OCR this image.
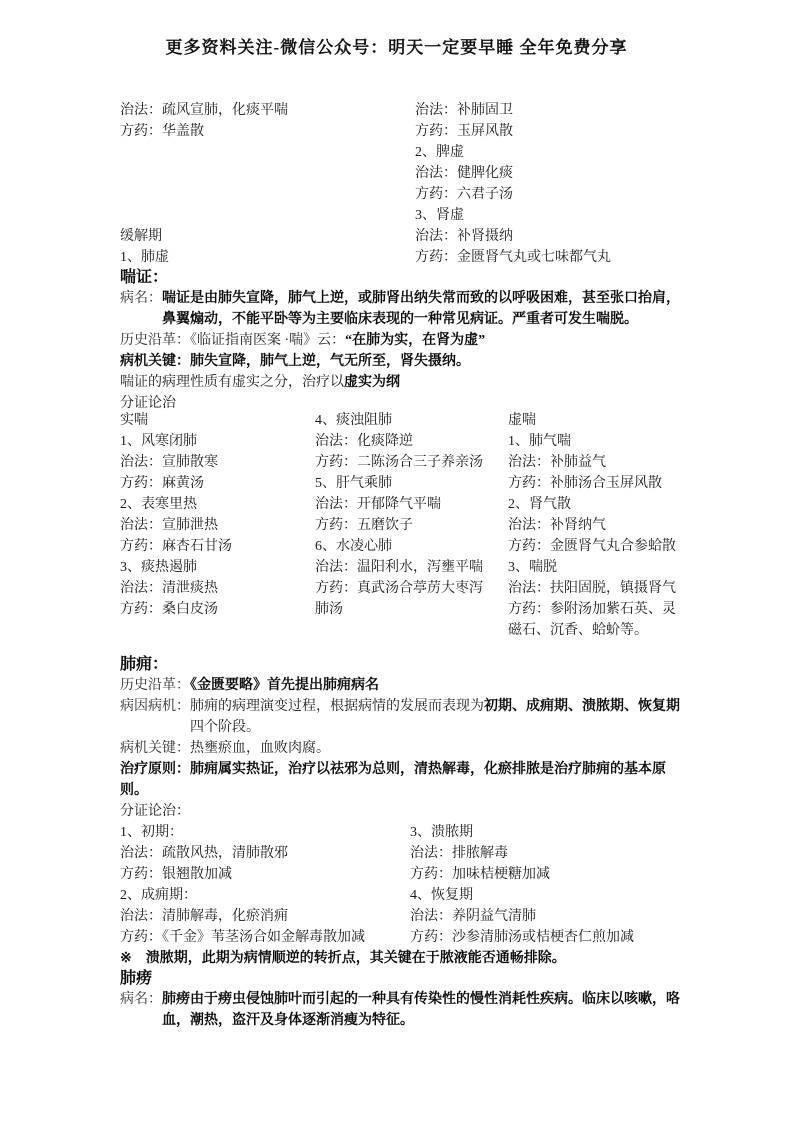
更多资料关注-微信公众号：明天一定要早睡 全年免费分享
治法：疏风宣肺，化痰平喘
方药：华盖散

缓解期
1、肺虚
治法：补肺固卫
方药：玉屏风散
2、脾虚
治法：健脾化痰
方药：六君子汤
3、肾虚
治法：补肾摄纳
方药：金匮肾气丸或七味都气丸
喘证：

病名：喘证是由肺失宣降，肺气上逆，或肺肾出纳失常而致的以呼吸困难，甚至张口抬肩，鼻翼煽动，不能平卧等为主要临床表现的一种常见病证。严重者可发生喘脱。

历史沿革：《临证指南医案 ·喘》云：“在肺为实，在肾为虚”

病机关键：肺失宣降，肺气上逆，气无所至，肾失摄纳。

喘证的病理性质有虚实之分，治疗以虚实为纲

分证论治

实喘
1、风寒闭肺
治法：宣肺散寒
方药：麻黄汤
2、表寒里热
治法：宣肺泄热
方药：麻杏石甘汤
3、痰热遏肺
治法：清泄痰热
方药：桑白皮汤
4、痰浊阻肺
治法：化痰降逆
方药：二陈汤合三子养亲汤
5、肝气乘肺
治法：开郁降气平喘
方药：五磨饮子
6、水凌心肺
治法：温阳利水，泻壅平喘
方药：真武汤合葶苈大枣泻
肺汤
虚喘
1、肺气喘
治法：补肺益气
方药：补肺汤合玉屏风散
2、肾气散
治法：补肾纳气
方药：金匮肾气丸合参蛤散
3、喘脱
治法：扶阳固脱，镇摄肾气
方药：参附汤加紫石英、灵
磁石、沉香、蛤蚧等。
肺痈：

历史沿革：《金匮要略》首先提出肺痈病名

病因病机：肺痈的病理演变过程，根据病情的发展而表现为初期、成痈期、溃脓期、恢复期四个阶段。

病机关键：热壅瘀血，血败肉腐。

治疗原则：肺痈属实热证，治疗以祛邪为总则，清热解毒，化瘀排脓是治疗肺痈的基本原则。

分证论治：

1、初期：
治法：疏散风热，清肺散邪
方药：银翘散加减
2、成痈期：
治法：清肺解毒，化瘀消痈
方药：《千金》苇茎汤合如金解毒散加减
3、溃脓期
治法：排脓解毒
方药：加味桔梗糖加减
4、恢复期
治法：养阴益气清肺
方药：沙参清肺汤或桔梗杏仁煎加减

※ 溃脓期，此期为病情顺逆的转折点，其关键在于脓液能否通畅排除。

肺痨

病名：肺痨由于痨虫侵蚀肺叶而引起的一种具有传染性的慢性消耗性疾病。临床以咳嗽，咯血，潮热，盗汗及身体逐渐消瘦为特征。
